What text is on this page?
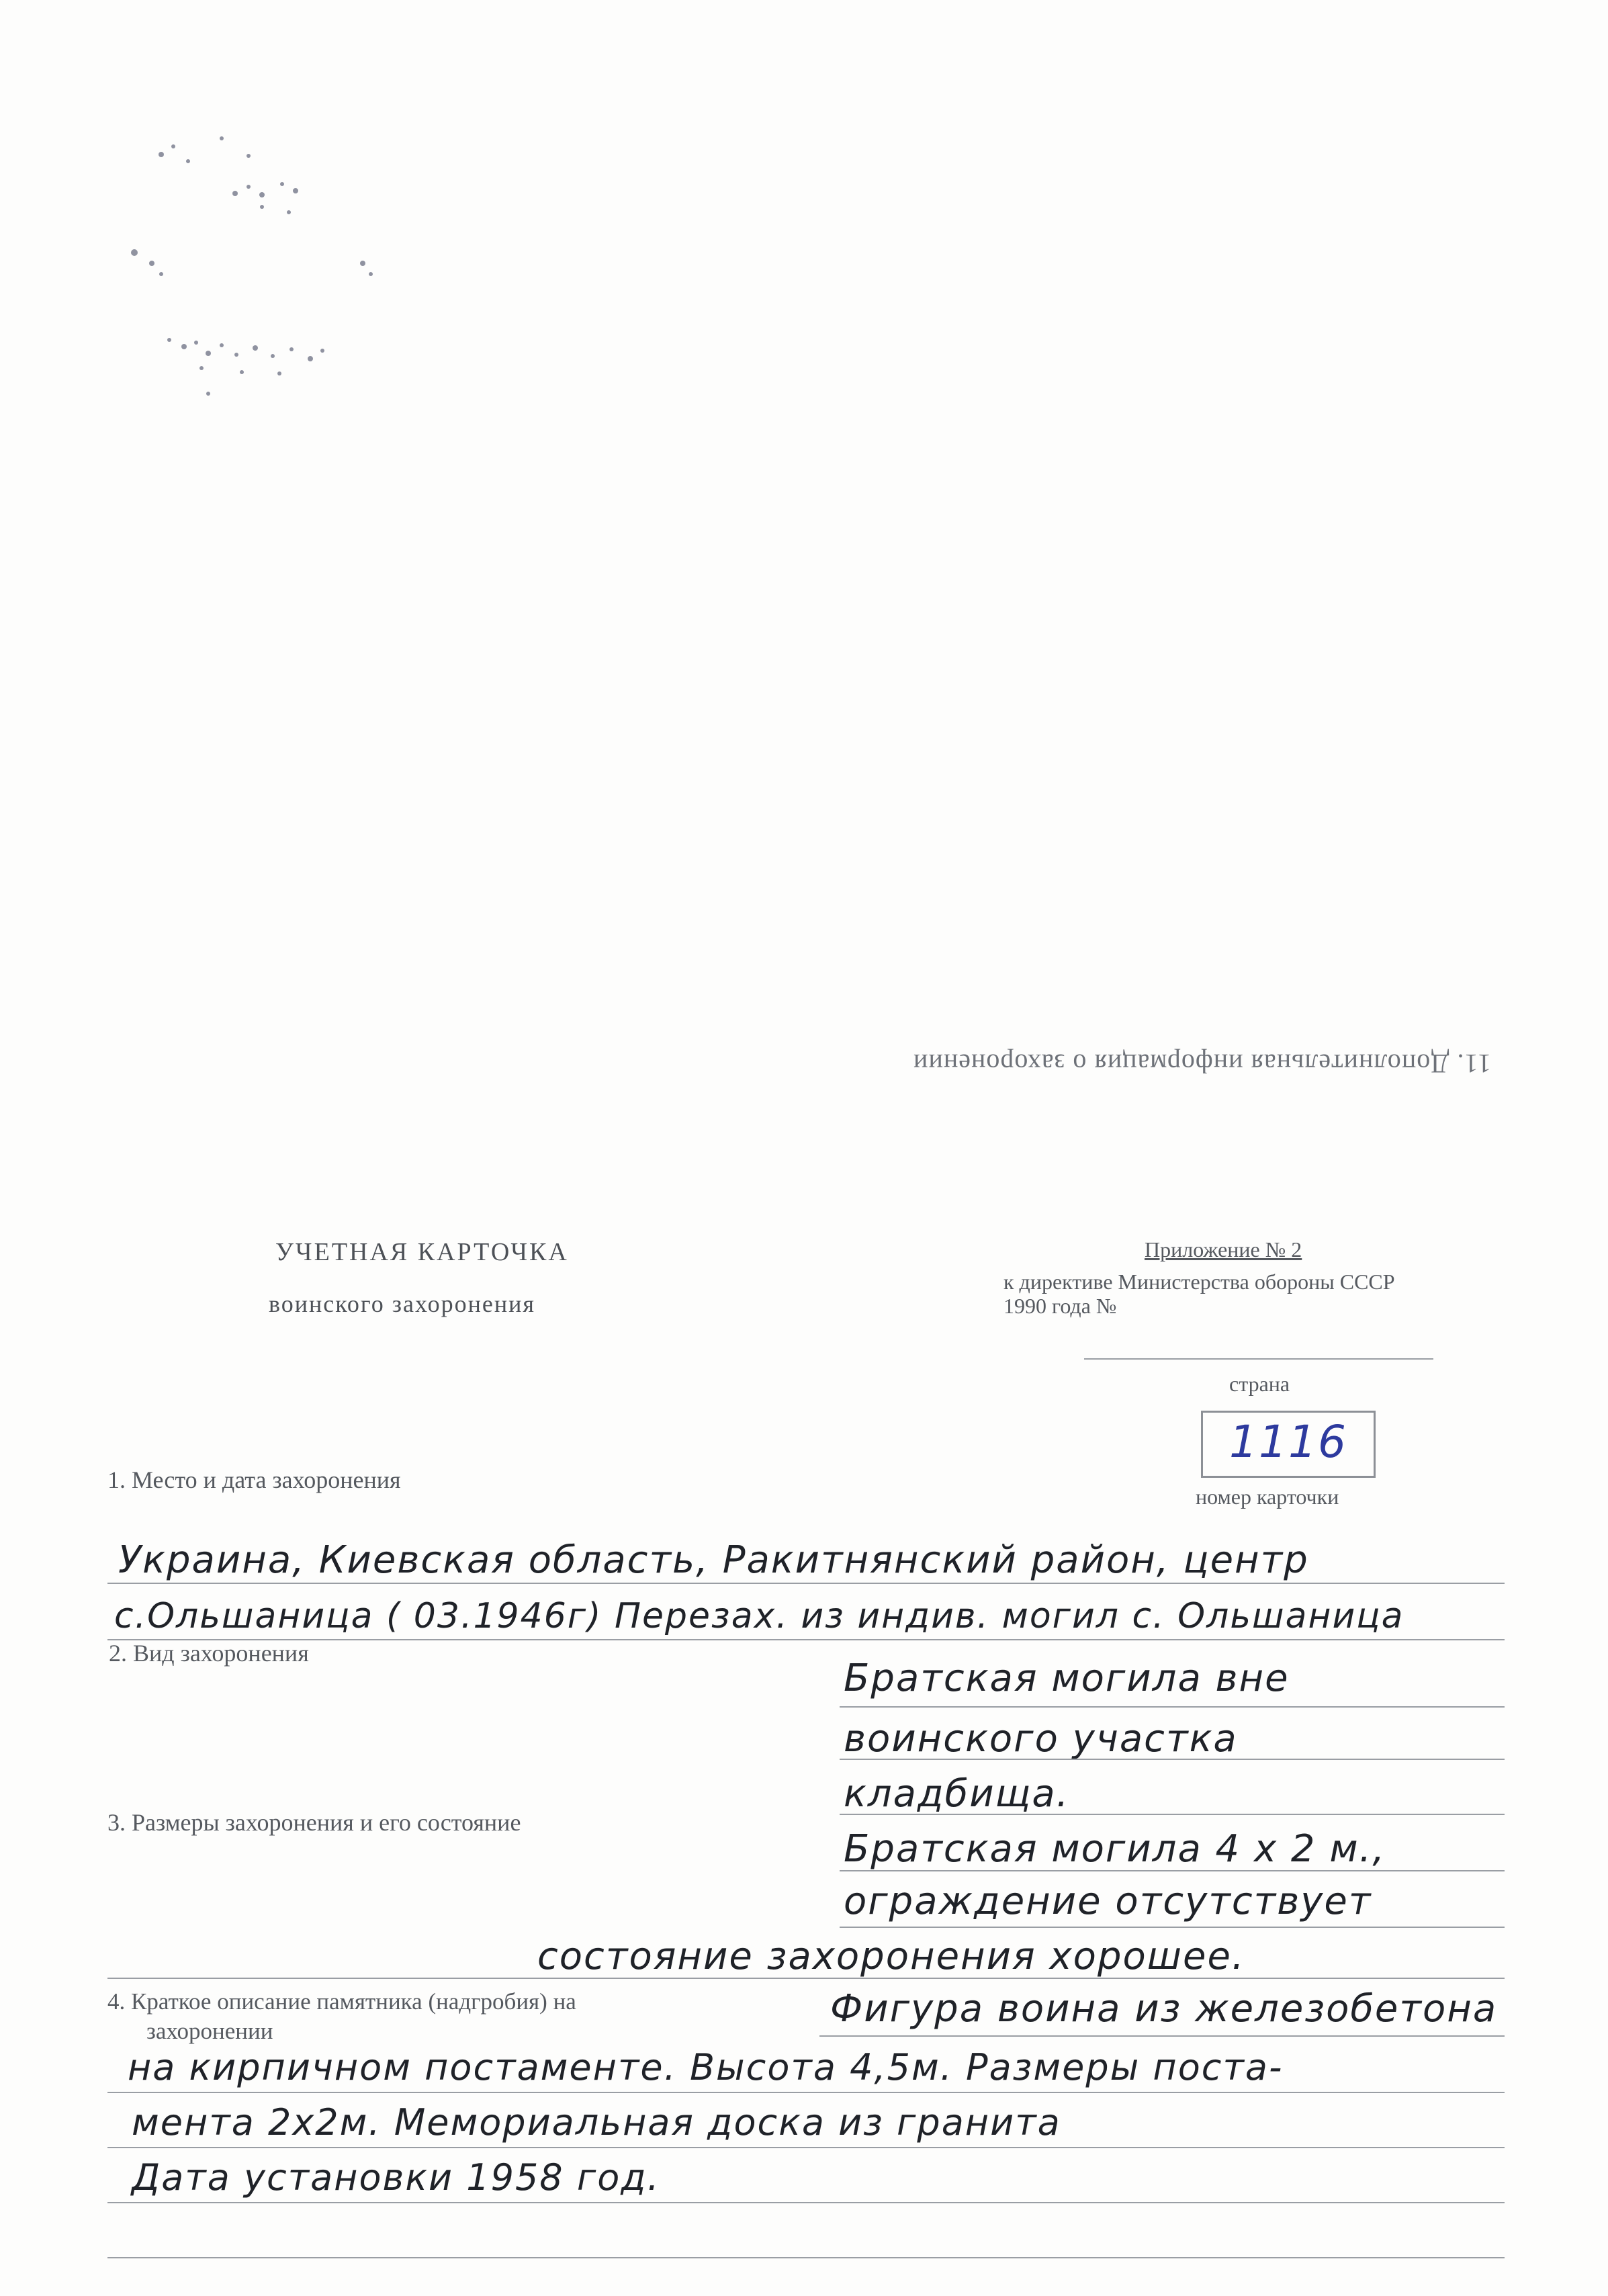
11. Дополнительная информация о захоронении
УЧЕТНАЯ КАРТОЧКА
воинского захоронения
Приложение № 2
к директиве Министерства обороны СССР
1990 года №
страна
1116
номер карточки
1. Место и дата захоронения
Украина, Киевская область, Ракитнянский район, центр
с.Ольшаница ( 03.1946г) Перезах. из индив. могил с. Ольшаница
2. Вид захоронения
Братская могила вне
воинского участка
кладбища.
3. Размеры захоронения и его состояние
Братская могила 4 х 2 м.,
ограждение отсутствует
состояние захоронения хорошее.
4. Краткое описание памятника (надгробия) на
захоронении
Фигура воина из железобетона
на кирпичном постаменте. Высота 4,5м. Размеры поста-
мента 2х2м. Мемориальная доска из гранита
Дата установки 1958 год.
